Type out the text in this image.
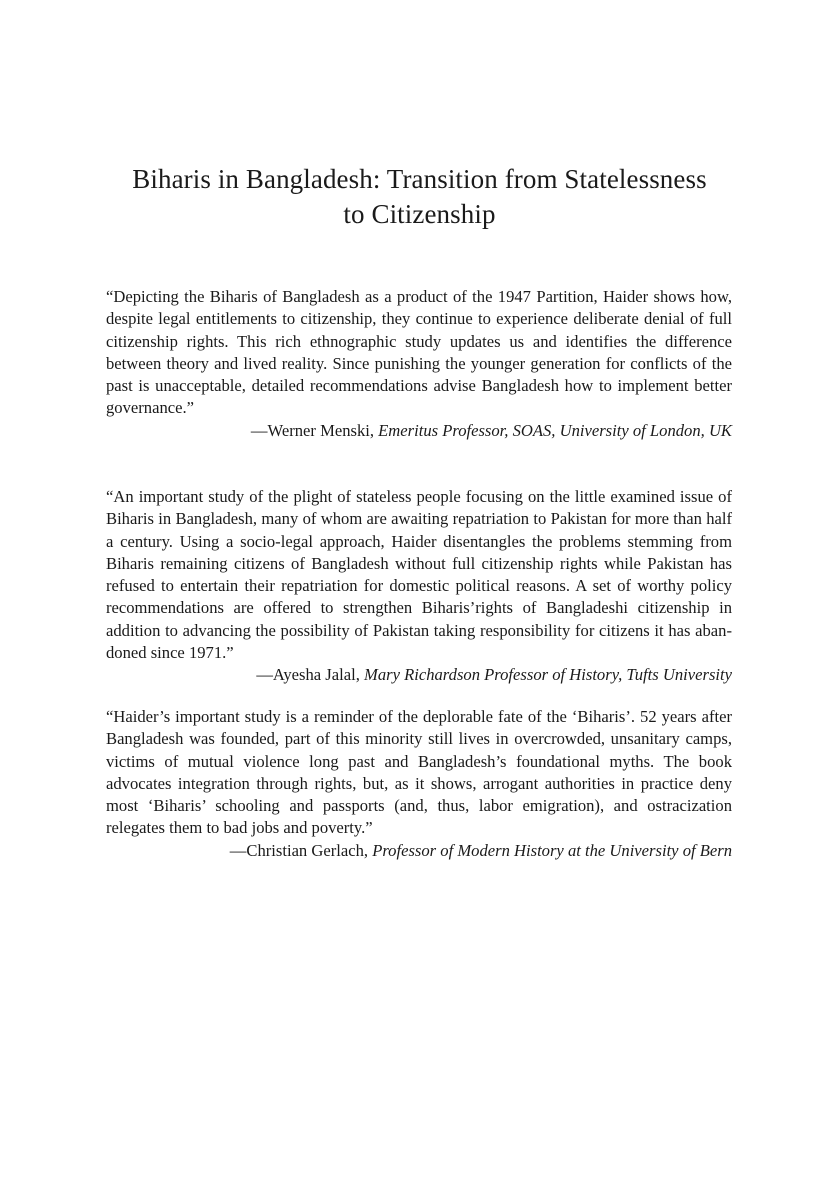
Biharis in Bangladesh: Transition from Statelessness
to Citizenship

“Depicting the Biharis of Bangladesh as a product of the 1947 Partition, Haider shows how, despite legal entitlements to citizenship, they continue to experience deliberate denial of full citizenship rights. This rich ethnographic study updates us and identifies the difference between theory and lived reality. Since punishing the younger generation for conflicts of the past is unacceptable, detailed recommendations advise Bangladesh how to implement better governance.”

—Werner Menski, Emeritus Professor, SOAS, University of London, UK

“An important study of the plight of stateless people focusing on the little examined issue of Biharis in Bangladesh, many of whom are awaiting repatriation to Pakistan for more than half a century. Using a socio-legal approach, Haider disentangles the problems stemming from Biharis remaining citizens of Bangladesh without full citizenship rights while Pakistan has refused to entertain their repatriation for domestic political reasons. A set of worthy policy recommendations are offered to strengthen Biharis’rights of Bangladeshi citizenship in addition to advancing the possibility of Pakistan taking responsibility for citizens it has abandoned since 1971.”

—Ayesha Jalal, Mary Richardson Professor of History, Tufts University

“Haider’s important study is a reminder of the deplorable fate of the ‘Biharis’. 52 years after Bangladesh was founded, part of this minority still lives in overcrowded, unsanitary camps, victims of mutual violence long past and Bangladesh’s foundational myths. The book advocates integration through rights, but, as it shows, arrogant authorities in practice deny most ‘Biharis’ schooling and passports (and, thus, labor emigration), and ostracization relegates them to bad jobs and poverty.”

—Christian Gerlach, Professor of Modern History at the University of Bern
